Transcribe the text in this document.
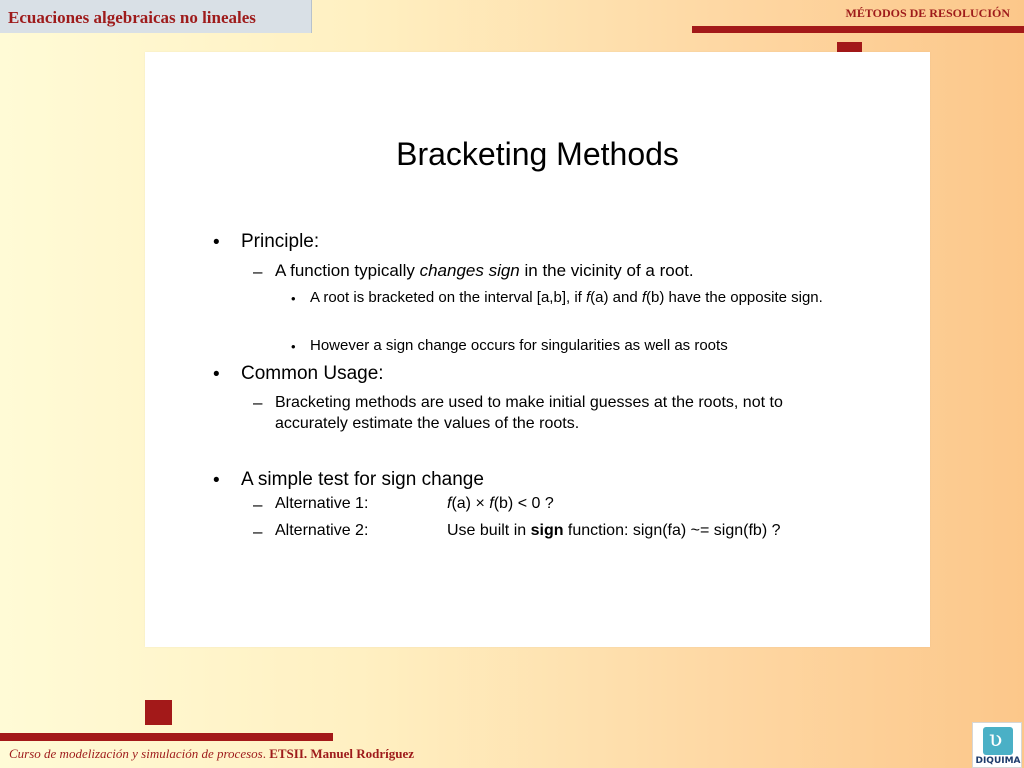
Ecuaciones algebraicas no lineales	MÉTODOS DE RESOLUCIÓN
Bracketing Methods
• Principle:
– A function typically changes sign in the vicinity of a root.
• A root is bracketed on the interval [a,b], if f(a) and f(b) have the opposite sign.
• However a sign change occurs for singularities as well as roots
• Common Usage:
– Bracketing methods are used to make initial guesses at the roots, not to accurately estimate the values of the roots.
• A simple test for sign change
– Alternative 1:	f(a) × f(b) < 0 ?
– Alternative 2:	Use built in sign function: sign(fa) ~= sign(fb) ?
Curso de modelización y simulación de procesos. ETSII. Manuel Rodríguez
ʋ
DIQUIMA
